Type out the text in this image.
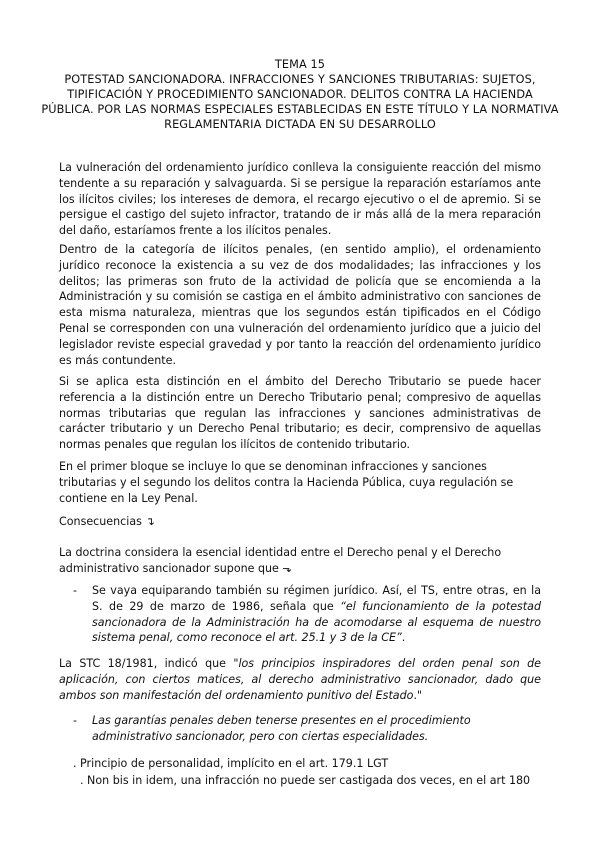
TEMA 15
POTESTAD SANCIONADORA. INFRACCIONES Y SANCIONES TRIBUTARIAS: SUJETOS, TIPIFICACIÓN Y PROCEDIMIENTO SANCIONADOR. DELITOS CONTRA LA HACIENDA PÚBLICA. POR LAS NORMAS ESPECIALES ESTABLECIDAS EN ESTE TÍTULO Y LA NORMATIVA REGLAMENTARIA DICTADA EN SU DESARROLLO
La vulneración del ordenamiento jurídico conlleva la consiguiente reacción del mismo tendente a su reparación y salvaguarda. Si se persigue la reparación estaríamos ante los ilícitos civiles; los intereses de demora, el recargo ejecutivo o el de apremio. Si se persigue el castigo del sujeto infractor, tratando de ir más allá de la mera reparación del daño, estaríamos frente a los ilícitos penales.
Dentro de la categoría de ilícitos penales, (en sentido amplio), el ordenamiento jurídico reconoce la existencia a su vez de dos modalidades; las infracciones y los delitos; las primeras son fruto de la actividad de policía que se encomienda a la Administración y su comisión se castiga en el ámbito administrativo con sanciones de esta misma naturaleza, mientras que los segundos están tipificados en el Código Penal se corresponden con una vulneración del ordenamiento jurídico que a juicio del legislador reviste especial gravedad y por tanto la reacción del ordenamiento jurídico es más contundente.
Si se aplica esta distinción en el ámbito del Derecho Tributario se puede hacer referencia a la distinción entre un Derecho Tributario penal; compresivo de aquellas normas tributarias que regulan las infracciones y sanciones administrativas de carácter tributario y un Derecho Penal tributario; es decir, comprensivo de aquellas normas penales que regulan los ilícitos de contenido tributario.
En el primer bloque se incluye lo que se denominan infracciones y sanciones tributarias y el segundo los delitos contra la Hacienda Pública, cuya regulación se contiene en la Ley Penal.
Consecuencias ↴
La doctrina considera la esencial identidad entre el Derecho penal y el Derecho administrativo sancionador supone que ⬎
- Se vaya equiparando también su régimen jurídico. Así, el TS, entre otras, en la S. de 29 de marzo de 1986, señala que “el funcionamiento de la potestad sancionadora de la Administración ha de acomodarse al esquema de nuestro sistema penal, como reconoce el art. 25.1 y 3 de la CE”.
La STC 18/1981, indicó que "los principios inspiradores del orden penal son de aplicación, con ciertos matices, al derecho administrativo sancionador, dado que ambos son manifestación del ordenamiento punitivo del Estado."
- Las garantías penales deben tenerse presentes en el procedimiento administrativo sancionador, pero con ciertas especialidades.
. Principio de personalidad, implícito en el art. 179.1 LGT
. Non bis in idem, una infracción no puede ser castigada dos veces, en el art 180
